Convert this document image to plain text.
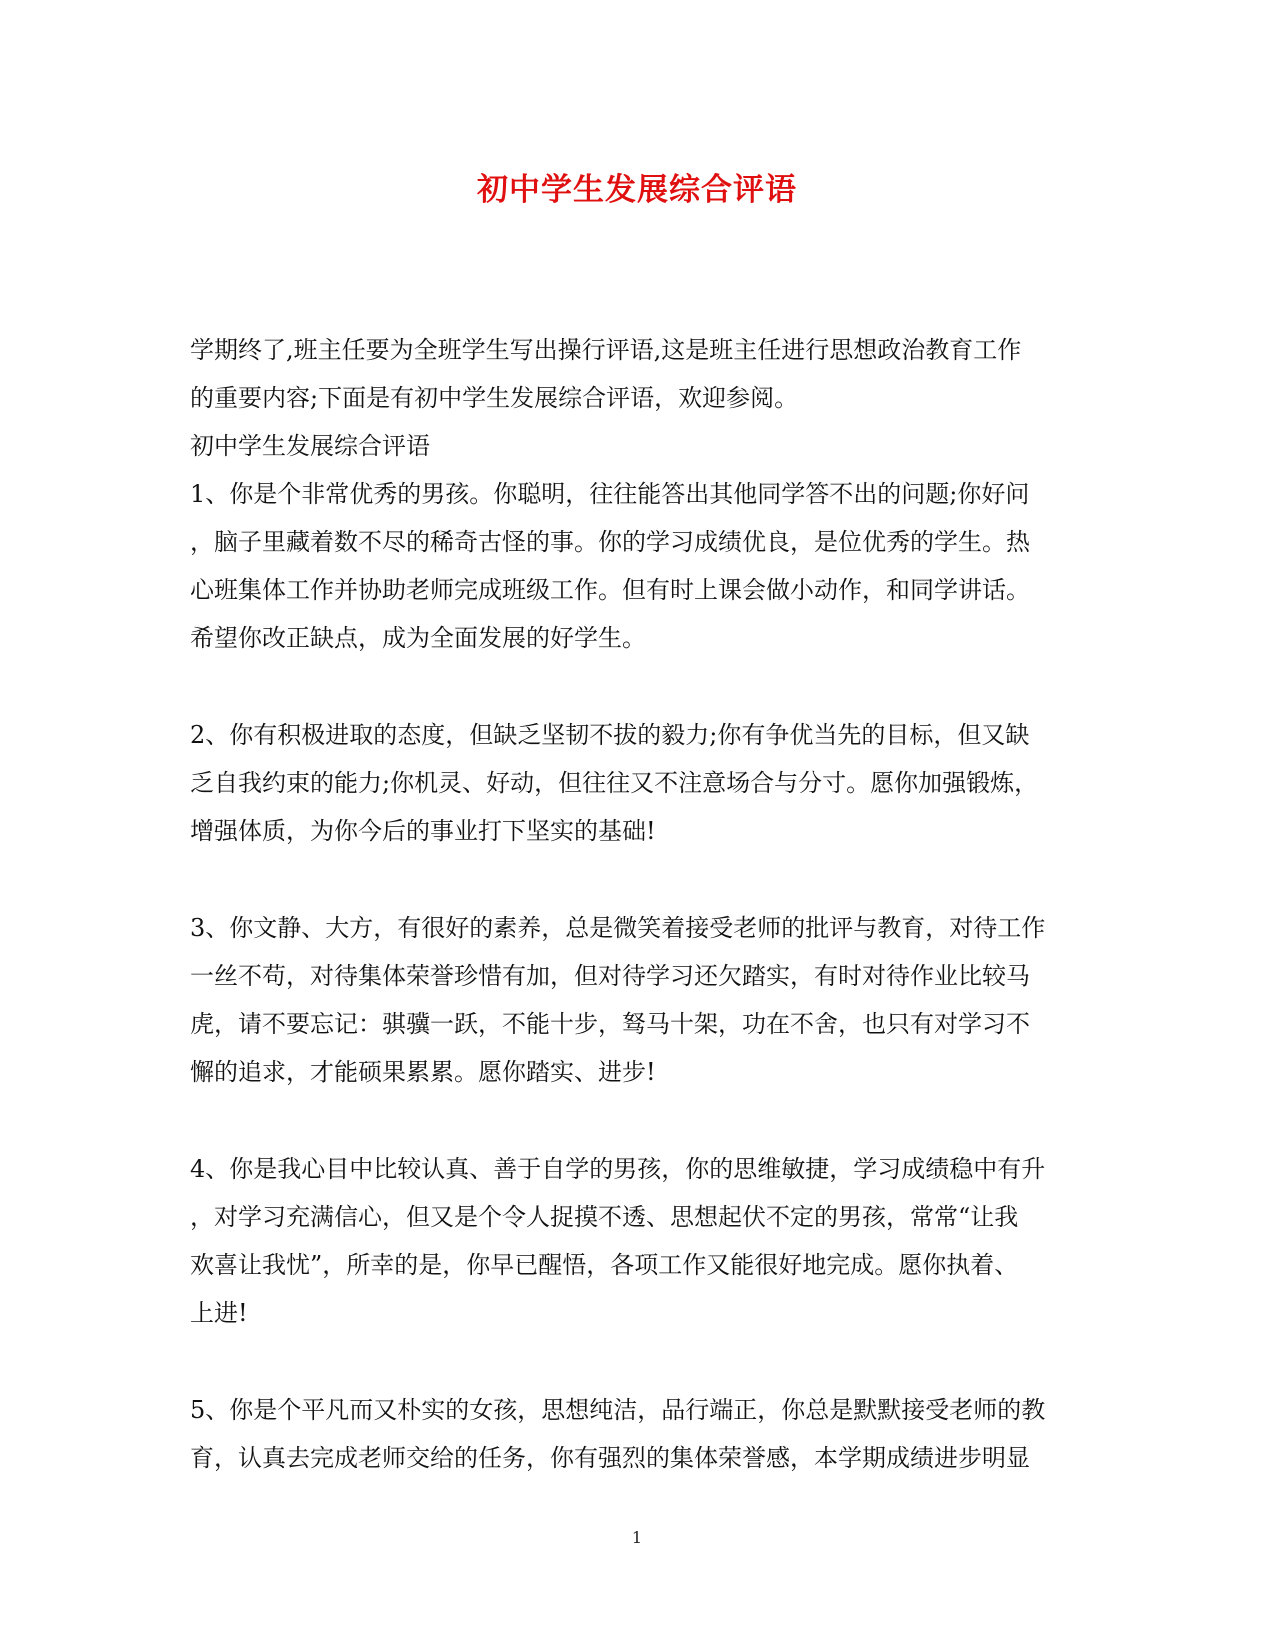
初中学生发展综合评语

学期终了,班主任要为全班学生写出操行评语,这是班主任进行思想政治教育工作

的重要内容;下面是有初中学生发展综合评语，欢迎参阅。

初中学生发展综合评语

1、你是个非常优秀的男孩。你聪明，往往能答出其他同学答不出的问题;你好问

，脑子里藏着数不尽的稀奇古怪的事。你的学习成绩优良，是位优秀的学生。热

心班集体工作并协助老师完成班级工作。但有时上课会做小动作，和同学讲话。

希望你改正缺点，成为全面发展的好学生。

2、你有积极进取的态度，但缺乏坚韧不拔的毅力;你有争优当先的目标，但又缺

乏自我约束的能力;你机灵、好动，但往往又不注意场合与分寸。愿你加强锻炼，

增强体质，为你今后的事业打下坚实的基础!

3、你文静、大方，有很好的素养，总是微笑着接受老师的批评与教育，对待工作

一丝不苟，对待集体荣誉珍惜有加，但对待学习还欠踏实，有时对待作业比较马

虎，请不要忘记：骐骥一跃，不能十步，驽马十架，功在不舍，也只有对学习不

懈的追求，才能硕果累累。愿你踏实、进步!

4、你是我心目中比较认真、善于自学的男孩，你的思维敏捷，学习成绩稳中有升

，对学习充满信心，但又是个令人捉摸不透、思想起伏不定的男孩，常常“让我

欢喜让我忧”，所幸的是，你早已醒悟，各项工作又能很好地完成。愿你执着、

上进!

5、你是个平凡而又朴实的女孩，思想纯洁，品行端正，你总是默默接受老师的教

育，认真去完成老师交给的任务，你有强烈的集体荣誉感，本学期成绩进步明显

1
